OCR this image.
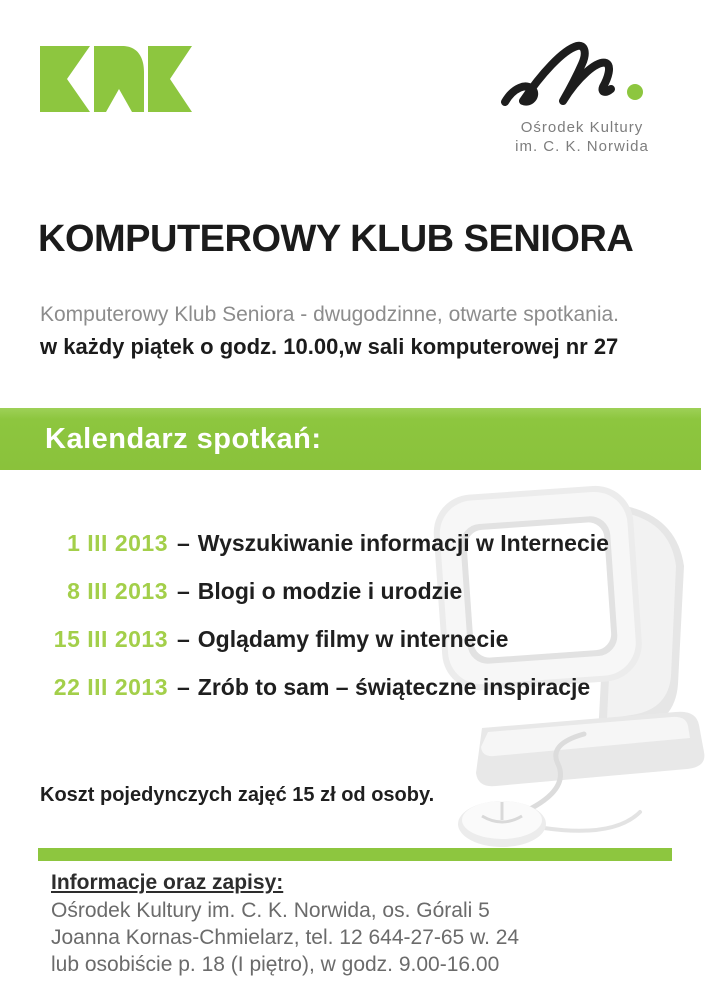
Ośrodek Kultury
im. C. K. Norwida
KOMPUTEROWY KLUB SENIORA
Komputerowy Klub Seniora - dwugodzinne, otwarte spotkania.
w każdy piątek o godz. 10.00,w sali komputerowej nr 27
Kalendarz spotkań:
1 III 2013 – Wyszukiwanie informacji w Internecie
8 III 2013 – Blogi o modzie i urodzie
15 III 2013 – Oglądamy filmy w internecie
22 III 2013 – Zrób to sam – świąteczne inspiracje
Koszt pojedynczych zajęć 15 zł od osoby.
Informacje oraz zapisy:
Ośrodek Kultury im. C. K. Norwida, os. Górali 5
Joanna Kornas-Chmielarz, tel. 12 644-27-65 w. 24
lub osobiście p. 18 (I piętro), w godz. 9.00-16.00
